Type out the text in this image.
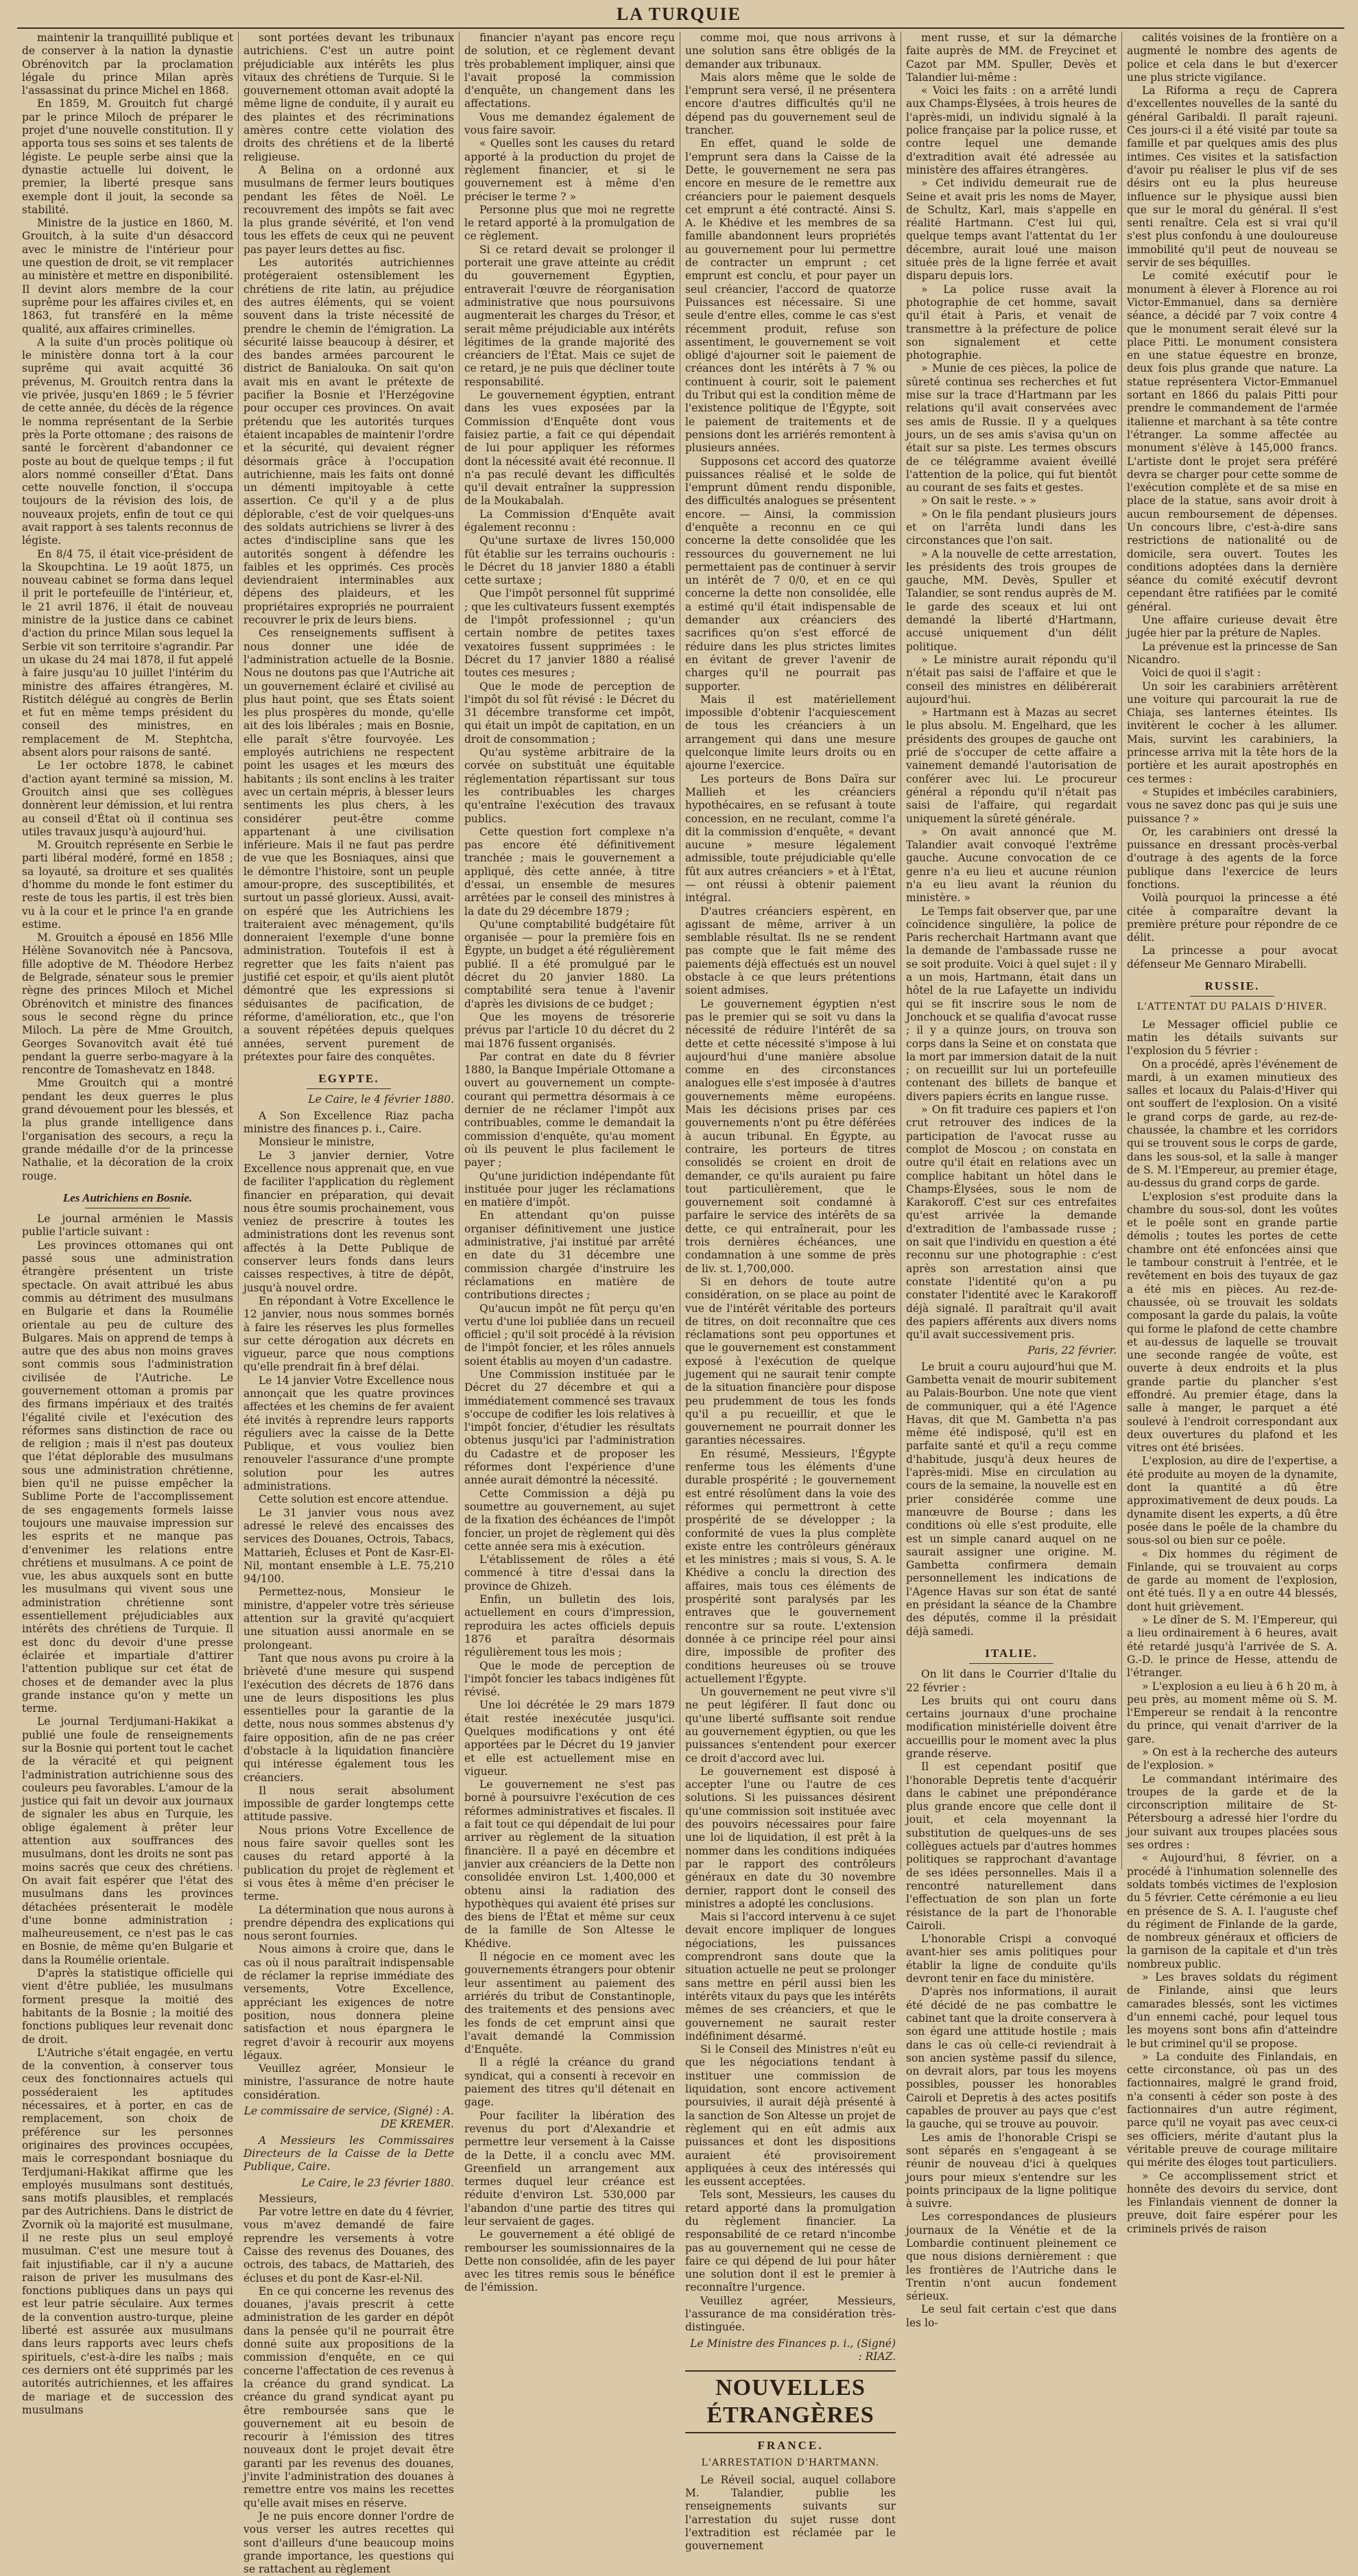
LA TURQUIE

maintenir la tranquillité publique et de conserver à la nation la dynastie Obrénovitch par la proclamation légale du prince Milan après l'assassinat du prince Michel en 1868.

En 1859, M. Grouitch fut chargé par le prince Miloch de préparer le projet d'une nouvelle constitution. Il y apporta tous ses soins et ses talents de légiste. Le peuple serbe ainsi que la dynastie actuelle lui doivent, le premier, la liberté presque sans exemple dont il jouit, la seconde sa stabilité.

Ministre de la justice en 1860, M. Grouitch, à la suite d'un désaccord avec le ministre de l'intérieur pour une question de droit, se vit remplacer au ministère et mettre en disponibilité. Il devint alors membre de la cour suprême pour les affaires civiles et, en 1863, fut transféré en la même qualité, aux affaires criminelles.

A la suite d'un procès politique où le ministère donna tort à la cour suprême qui avait acquitté 36 prévenus, M. Grouitch rentra dans la vie privée, jusqu'en 1869 ; le 5 février de cette année, du décès de la régence le nomma représentant de la Serbie près la Porte ottomane ; des raisons de santé le forcèrent d'abandonner ce poste au bout de quelque temps ; il fut alors nommé conseiller d'État. Dans cette nouvelle fonction, il s'occupa toujours de la révision des lois, de nouveaux projets, enfin de tout ce qui avait rapport à ses talents reconnus de légiste.

En 8/4 75, il était vice-président de la Skoupchtina. Le 19 août 1875, un nouveau cabinet se forma dans lequel il prit le portefeuille de l'intérieur, et, le 21 avril 1876, il était de nouveau ministre de la justice dans ce cabinet d'action du prince Milan sous lequel la Serbie vit son territoire s'agrandir. Par un ukase du 24 mai 1878, il fut appelé à faire jusqu'au 10 juillet l'intérim du ministre des affaires étrangères, M. Ristitch délégué au congrès de Berlin et fut en même temps président du conseil des ministres, en remplacement de M. Stephtcha, absent alors pour raisons de santé.

Le 1er octobre 1878, le cabinet d'action ayant terminé sa mission, M. Grouitch ainsi que ses collègues donnèrent leur démission, et lui rentra au conseil d'État où il continua ses utiles travaux jusqu'à aujourd'hui.

M. Grouitch représente en Serbie le parti libéral modéré, formé en 1858 ; sa loyauté, sa droiture et ses qualités d'homme du monde le font estimer du reste de tous les partis, il est très bien vu à la cour et le prince l'a en grande estime.

M. Grouitch a épousé en 1856 Mlle Hélène Sovanovitch née à Pancsova, fille adoptive de M. Théodore Herbez de Belgrade, sénateur sous le premier règne des princes Miloch et Michel Obrénovitch et ministre des finances sous le second règne du prince Miloch. La père de Mme Grouitch, Georges Sovanovitch avait été tué pendant la guerre serbo-magyare à la rencontre de Tomashevatz en 1848.

Mme Grouitch qui a montré pendant les deux guerres le plus grand dévouement pour les blessés, et la plus grande intelligence dans l'organisation des secours, a reçu la grande médaille d'or de la princesse Nathalie, et la décoration de la croix rouge.

Les Autrichiens en Bosnie.

Le journal arménien le Massis publie l'article suivant :

Les provinces ottomanes qui ont passé sous une administration étrangère présentent un triste spectacle. On avait attribué les abus commis au détriment des musulmans en Bulgarie et dans la Roumélie orientale au peu de culture des Bulgares. Mais on apprend de temps à autre que des abus non moins graves sont commis sous l'administration civilisée de l'Autriche. Le gouvernement ottoman a promis par des firmans impériaux et des traités l'égalité civile et l'exécution des réformes sans distinction de race ou de religion ; mais il n'est pas douteux que l'état déplorable des musulmans sous une administration chrétienne, bien qu'il ne puisse empêcher la Sublime Porte de l'accomplissement de ses engagements formels laisse toujours une mauvaise impression sur les esprits et ne manque pas d'envenimer les relations entre chrétiens et musulmans. A ce point de vue, les abus auxquels sont en butte les musulmans qui vivent sous une administration chrétienne sont essentiellement préjudiciables aux intérêts des chrétiens de Turquie. Il est donc du devoir d'une presse éclairée et impartiale d'attirer l'attention publique sur cet état de choses et de demander avec la plus grande instance qu'on y mette un terme.

Le journal Terdjumani-Hakikat a publié une foule de renseignements sur la Bosnie qui portent tout le cachet de la véracité et qui peignent l'administration autrichienne sous des couleurs peu favorables. L'amour de la justice qui fait un devoir aux journaux de signaler les abus en Turquie, les oblige également à prêter leur attention aux souffrances des musulmans, dont les droits ne sont pas moins sacrés que ceux des chrétiens. On avait fait espérer que l'état des musulmans dans les provinces détachées présenterait le modèle d'une bonne administration ; malheureusement, ce n'est pas le cas en Bosnie, de même qu'en Bulgarie et dans la Roumélie orientale.

D'après la statistique officielle qui vient d'être publiée, les musulmans forment presque la moitié des habitants de la Bosnie ; la moitié des fonctions publiques leur revenait donc de droit.

L'Autriche s'était engagée, en vertu de la convention, à conserver tous ceux des fonctionnaires actuels qui posséderaient les aptitudes nécessaires, et à porter, en cas de remplacement, son choix de préférence sur les personnes originaires des provinces occupées, mais le correspondant bosniaque du Terdjumani-Hakikat affirme que les employés musulmans sont destitués, sans motifs plausibles, et remplacés par des Autrichiens. Dans le district de Zvornik où la majorité est musulmane, il ne reste plus un seul employé musulman. C'est une mesure tout à fait injustifiable, car il n'y a aucune raison de priver les musulmans des fonctions publiques dans un pays qui est leur patrie séculaire. Aux termes de la convention austro-turque, pleine liberté est assurée aux musulmans dans leurs rapports avec leurs chefs spirituels, c'est-à-dire les naïbs ; mais ces derniers ont été supprimés par les autorités autrichiennes, et les affaires de mariage et de succession des musulmans

sont portées devant les tribunaux autrichiens. C'est un autre point préjudiciable aux intérêts les plus vitaux des chrétiens de Turquie. Si le gouvernement ottoman avait adopté la même ligne de conduite, il y aurait eu des plaintes et des récriminations amères contre cette violation des droits des chrétiens et de la liberté religieuse.

A Belina on a ordonné aux musulmans de fermer leurs boutiques pendant les fêtes de Noël. Le recouvrement des impôts se fait avec la plus grande sévérité, et l'on vend tous les effets de ceux qui ne peuvent pas payer leurs dettes au fisc.

Les autorités autrichiennes protégeraient ostensiblement les chrétiens de rite latin, au préjudice des autres éléments, qui se voient souvent dans la triste nécessité de prendre le chemin de l'émigration. La sécurité laisse beaucoup à désirer, et des bandes armées parcourent le district de Banialouka. On sait qu'on avait mis en avant le prétexte de pacifier la Bosnie et l'Herzégovine pour occuper ces provinces. On avait prétendu que les autorités turques étaient incapables de maintenir l'ordre et la sécurité, qui devaient régner désormais grâce à l'occupation autrichienne, mais les faits ont donné un démenti impitoyable à cette assertion. Ce qu'il y a de plus déplorable, c'est de voir quelques-uns des soldats autrichiens se livrer à des actes d'indiscipline sans que les autorités songent à défendre les faibles et les opprimés. Ces procès deviendraient interminables aux dépens des plaideurs, et les propriétaires expropriés ne pourraient recouvrer le prix de leurs biens.

Ces renseignements suffisent à nous donner une idée de l'administration actuelle de la Bosnie. Nous ne doutons pas que l'Autriche ait un gouvernement éclairé et civilisé au plus haut point, que ses États soient les plus prospères du monde, qu'elle ait des lois libérales ; mais en Bosnie, elle paraît s'être fourvoyée. Les employés autrichiens ne respectent point les usages et les mœurs des habitants ; ils sont enclins à les traiter avec un certain mépris, à blesser leurs sentiments les plus chers, à les considérer peut-être comme appartenant à une civilisation inférieure. Mais il ne faut pas perdre de vue que les Bosniaques, ainsi que le démontre l'histoire, sont un peuple amour-propre, des susceptibilités, et surtout un passé glorieux. Aussi, avait-on espéré que les Autrichiens les traiteraient avec ménagement, qu'ils donneraient l'exemple d'une bonne administration. Toutefois il est à regretter que les faits n'aient pas justifié cet espoir, et qu'ils aient plutôt démontré que les expressions si séduisantes de pacification, de réforme, d'amélioration, etc., que l'on a souvent répétées depuis quelques années, servent purement de prétextes pour faire des conquêtes.

EGYPTE.
Le Caire, le 4 février 1880.

A Son Excellence Riaz pacha ministre des finances p. i., Caire.

Monsieur le ministre,

Le 3 janvier dernier, Votre Excellence nous apprenait que, en vue de faciliter l'application du règlement financier en préparation, qui devait nous être soumis prochainement, vous veniez de prescrire à toutes les administrations dont les revenus sont affectés à la Dette Publique de conserver leurs fonds dans leurs caisses respectives, à titre de dépôt, jusqu'à nouvel ordre.

En répondant à Votre Excellence le 12 janvier, nous nous sommes bornés à faire les réserves les plus formelles sur cette dérogation aux décrets en vigueur, parce que nous comptions qu'elle prendrait fin à bref délai.

Le 14 janvier Votre Excellence nous annonçait que les quatre provinces affectées et les chemins de fer avaient été invités à reprendre leurs rapports réguliers avec la caisse de la Dette Publique, et vous vouliez bien renouveler l'assurance d'une prompte solution pour les autres administrations.

Cette solution est encore attendue.

Le 31 janvier vous nous avez adressé le relevé des encaisses des services des Douanes, Octrois, Tabacs, Mattarieh, Écluses et Pont de Kasr-El-Nil, montant ensemble à L.E. 75,210 94/100.

Permettez-nous, Monsieur le ministre, d'appeler votre très sérieuse attention sur la gravité qu'acquiert une situation aussi anormale en se prolongeant.

Tant que nous avons pu croire à la brièveté d'une mesure qui suspend l'exécution des décrets de 1876 dans une de leurs dispositions les plus essentielles pour la garantie de la dette, nous nous sommes abstenus d'y faire opposition, afin de ne pas créer d'obstacle à la liquidation financière qui intéresse également tous les créanciers.

Il nous serait absolument impossible de garder longtemps cette attitude passive.

Nous prions Votre Excellence de nous faire savoir quelles sont les causes du retard apporté à la publication du projet de règlement et si vous êtes à même d'en préciser le terme.

La détermination que nous aurons à prendre dépendra des explications qui nous seront fournies.

Nous aimons à croire que, dans le cas où il nous paraîtrait indispensable de réclamer la reprise immédiate des versements, Votre Excellence, appréciant les exigences de notre position, nous donnera pleine satisfaction et nous épargnera le regret d'avoir à recourir aux moyens légaux.

Veuillez agréer, Monsieur le ministre, l'assurance de notre haute considération.

Le commissaire de service, (Signé) : A. DE KREMER.

A Messieurs les Commissaires Directeurs de la Caisse de la Dette Publique, Caire.

Le Caire, le 23 février 1880.

Messieurs,

Par votre lettre en date du 4 février, vous m'avez demandé de faire reprendre les versements à votre Caisse des revenus des Douanes, des octrois, des tabacs, de Mattarieh, des écluses et du pont de Kasr-el-Nil.

En ce qui concerne les revenus des douanes, j'avais prescrit à cette administration de les garder en dépôt dans la pensée qu'il ne pourrait être donné suite aux propositions de la commission d'enquête, en ce qui concerne l'affectation de ces revenus à la créance du grand syndicat. La créance du grand syndicat ayant pu être remboursée sans que le gouvernement ait eu besoin de recourir à l'émission des titres nouveaux dont le projet devait être garanti par les revenus des douanes, j'invite l'administration des douanes à remettre entre vos mains les recettes qu'elle avait mises en réserve.

Je ne puis encore donner l'ordre de vous verser les autres recettes qui sont d'ailleurs d'une beaucoup moins grande importance, les questions qui se rattachent au règlement

financier n'ayant pas encore reçu de solution, et ce règlement devant très probablement impliquer, ainsi que l'avait proposé la commission d'enquête, un changement dans les affectations.

Vous me demandez également de vous faire savoir.

« Quelles sont les causes du retard apporté à la production du projet de règlement financier, et si le gouvernement est à même d'en préciser le terme ? »

Personne plus que moi ne regrette le retard apporté à la promulgation de ce règlement.

Si ce retard devait se prolonger il porterait une grave atteinte au crédit du gouvernement Égyptien, entraverait l'œuvre de réorganisation administrative que nous poursuivons augmenterait les charges du Trésor, et serait même préjudiciable aux intérêts légitimes de la grande majorité des créanciers de l'État. Mais ce sujet de ce retard, je ne puis que décliner toute responsabilité.

Le gouvernement égyptien, entrant dans les vues exposées par la Commission d'Enquête dont vous faisiez partie, a fait ce qui dépendait de lui pour appliquer les réformes dont la nécessité avait été reconnue. Il n'a pas reculé devant les difficultés qu'il devait entraîner la suppression de la Moukabalah.

La Commission d'Enquête avait également reconnu :

Qu'une surtaxe de livres 150,000 fût établie sur les terrains ouchouris : le Décret du 18 janvier 1880 a établi cette surtaxe ;

Que l'impôt personnel fût supprimé ; que les cultivateurs fussent exemptés de l'impôt professionnel ; qu'un certain nombre de petites taxes vexatoires fussent supprimées : le Décret du 17 janvier 1880 a réalisé toutes ces mesures ;

Que le mode de perception de l'impôt du sol fût révisé : le Décret du 31 décembre transforme cet impôt, qui était un impôt de capitation, en un droit de consommation ;

Qu'au système arbitraire de la corvée on substituât une équitable réglementation répartissant sur tous les contribuables les charges qu'entraîne l'exécution des travaux publics.

Cette question fort complexe n'a pas encore été définitivement tranchée ; mais le gouvernement a appliqué, dès cette année, à titre d'essai, un ensemble de mesures arrêtées par le conseil des ministres à la date du 29 décembre 1879 ;

Qu'une comptabilité budgétaire fût organisée — pour la première fois en Égypte, un budget a été régulièrement publié. Il a été promulgué par le décret du 20 janvier 1880. La comptabilité sera tenue à l'avenir d'après les divisions de ce budget ;

Que les moyens de trésorerie prévus par l'article 10 du décret du 2 mai 1876 fussent organisés.

Par contrat en date du 8 février 1880, la Banque Impériale Ottomane a ouvert au gouvernement un compte-courant qui permettra désormais à ce dernier de ne réclamer l'impôt aux contribuables, comme le demandait la commission d'enquête, qu'au moment où ils peuvent le plus facilement le payer ;

Qu'une juridiction indépendante fût instituée pour juger les réclamations en matière d'impôt.

En attendant qu'on puisse organiser définitivement une justice administrative, j'ai institué par arrêté en date du 31 décembre une commission chargée d'instruire les réclamations en matière de contributions directes ;

Qu'aucun impôt ne fût perçu qu'en vertu d'une loi publiée dans un recueil officiel ; qu'il soit procédé à la révision de l'impôt foncier, et les rôles annuels soient établis au moyen d'un cadastre.

Une Commission instituée par le Décret du 27 décembre et qui a immédiatement commencé ses travaux s'occupe de codifier les lois relatives à l'impôt foncier, d'étudier les résultats obtenus jusqu'ici par l'administration du Cadastre et de proposer les réformes dont l'expérience d'une année aurait démontré la nécessité.

Cette Commission a déjà pu soumettre au gouvernement, au sujet de la fixation des échéances de l'impôt foncier, un projet de règlement qui dès cette année sera mis à exécution.

L'établissement de rôles a été commencé à titre d'essai dans la province de Ghizeh.

Enfin, un bulletin des lois, actuellement en cours d'impression, reproduira les actes officiels depuis 1876 et paraîtra désormais régulièrement tous les mois ;

Que le mode de perception de l'impôt foncier les tabacs indigènes fût révisé.

Une loi décrétée le 29 mars 1879 était restée inexécutée jusqu'ici. Quelques modifications y ont été apportées par le Décret du 19 janvier et elle est actuellement mise en vigueur.

Le gouvernement ne s'est pas borné à poursuivre l'exécution de ces réformes administratives et fiscales. Il a fait tout ce qui dépendait de lui pour arriver au règlement de la situation financière. Il a payé en décembre et janvier aux créanciers de la Dette non consolidée environ Lst. 1,400,000 et obtenu ainsi la radiation des hypothèques qui avaient été prises sur des biens de l'État et même sur ceux de la famille de Son Altesse le Khédive.

Il négocie en ce moment avec les gouvernements étrangers pour obtenir leur assentiment au paiement des arriérés du tribut de Constantinople, des traitements et des pensions avec les fonds de cet emprunt ainsi que l'avait demandé la Commission d'Enquête.

Il a réglé la créance du grand syndicat, qui a consenti à recevoir en paiement des titres qu'il détenait en gage.

Pour faciliter la libération des revenus du port d'Alexandrie et permettre leur versement à la Caisse de la Dette, il a conclu avec MM. Greenfield un arrangement aux termes duquel leur créance est réduite d'environ Lst. 530,000 par l'abandon d'une partie des titres qui leur servaient de gages.

Le gouvernement a été obligé de rembourser les soumissionnaires de la Dette non consolidée, afin de les payer avec les titres remis sous le bénéfice de l'émission.

comme moi, que nous arrivons à une solution sans être obligés de la demander aux tribunaux.

Mais alors même que le solde de l'emprunt sera versé, il ne présentera encore d'autres difficultés qu'il ne dépend pas du gouvernement seul de trancher.

En effet, quand le solde de l'emprunt sera dans la Caisse de la Dette, le gouvernement ne sera pas encore en mesure de le remettre aux créanciers pour le paiement desquels cet emprunt a été contracté. Ainsi S. A. le Khédive et les membres de sa famille abandonnent leurs propriétés au gouvernement pour lui permettre de contracter un emprunt ; cet emprunt est conclu, et pour payer un seul créancier, l'accord de quatorze Puissances est nécessaire. Si une seule d'entre elles, comme le cas s'est récemment produit, refuse son assentiment, le gouvernement se voit obligé d'ajourner soit le paiement de créances dont les intérêts à 7 % ou continuent à courir, soit le paiement du Tribut qui est la condition même de l'existence politique de l'Égypte, soit le paiement de traitements et de pensions dont les arriérés remontent à plusieurs années.

Supposons cet accord des quatorze puissances réalisé et le solde de l'emprunt dûment rendu disponible, des difficultés analogues se présentent encore. — Ainsi, la commission d'enquête a reconnu en ce qui concerne la dette consolidée que les ressources du gouvernement ne lui permettaient pas de continuer à servir un intérêt de 7 0/0, et en ce qui concerne la dette non consolidée, elle a estimé qu'il était indispensable de demander aux créanciers des sacrifices qu'on s'est efforcé de réduire dans les plus strictes limites en évitant de grever l'avenir de charges qu'il ne pourrait pas supporter.

Mais il est matériellement impossible d'obtenir l'acquiescement de tous les créanciers à un arrangement qui dans une mesure quelconque limite leurs droits ou en ajourne l'exercice.

Les porteurs de Bons Daïra sur Mallieh et les créanciers hypothécaires, en se refusant à toute concession, en ne reculant, comme l'a dit la commission d'enquête, « devant aucune » mesure légalement admissible, toute préjudiciable qu'elle fût aux autres créanciers » et à l'État, — ont réussi à obtenir paiement intégral.

D'autres créanciers espèrent, en agissant de même, arriver à un semblable résultat. Ils ne se rendent pas compte que le fait même des paiements déjà effectués est un nouvel obstacle à ce que leurs prétentions soient admises.

Le gouvernement égyptien n'est pas le premier qui se soit vu dans la nécessité de réduire l'intérêt de sa dette et cette nécessité s'impose à lui aujourd'hui d'une manière absolue comme en des circonstances analogues elle s'est imposée à d'autres gouvernements même européens. Mais les décisions prises par ces gouvernements n'ont pu être déférées à aucun tribunal. En Égypte, au contraire, les porteurs de titres consolidés se croient en droit de demander, ce qu'ils auraient pu faire tout particulièrement, que le gouvernement soit condamné à parfaire le service des intérêts de sa dette, ce qui entraînerait, pour les trois dernières échéances, une condamnation à une somme de près de liv. st. 1,700,000.

Si en dehors de toute autre considération, on se place au point de vue de l'intérêt véritable des porteurs de titres, on doit reconnaître que ces réclamations sont peu opportunes et que le gouvernement est constamment exposé à l'exécution de quelque jugement qui ne saurait tenir compte de la situation financière pour dispose peu prudemment de tous les fonds qu'il a pu recueillir, et que le gouvernement ne pourrait donner les garanties nécessaires.

En résumé, Messieurs, l'Égypte renferme tous les éléments d'une durable prospérité ; le gouvernement est entré résolûment dans la voie des réformes qui permettront à cette prospérité de se développer ; la conformité de vues la plus complète existe entre les contrôleurs généraux et les ministres ; mais si vous, S. A. le Khédive a conclu la direction des affaires, mais tous ces éléments de prospérité sont paralysés par les entraves que le gouvernement rencontre sur sa route. L'extension donnée à ce principe réel pour ainsi dire, impossible de profiter des conditions heureuses où se trouve actuellement l'Égypte.

Un gouvernement ne peut vivre s'il ne peut légiférer. Il faut donc ou qu'une liberté suffisante soit rendue au gouvernement égyptien, ou que les puissances s'entendent pour exercer ce droit d'accord avec lui.

Le gouvernement est disposé à accepter l'une ou l'autre de ces solutions. Si les puissances désirent qu'une commission soit instituée avec des pouvoirs nécessaires pour faire une loi de liquidation, il est prêt à la nommer dans les conditions indiquées par le rapport des contrôleurs généraux en date du 30 novembre dernier, rapport dont le conseil des ministres a adopté les conclusions.

Mais si l'accord intervenu à ce sujet devait encore impliquer de longues négociations, les puissances comprendront sans doute que la situation actuelle ne peut se prolonger sans mettre en péril aussi bien les intérêts vitaux du pays que les intérêts mêmes de ses créanciers, et que le gouvernement ne saurait rester indéfiniment désarmé.

Si le Conseil des Ministres n'eût eu que les négociations tendant à instituer une commission de liquidation, sont encore activement poursuivies, il aurait déjà présenté à la sanction de Son Altesse un projet de règlement qui en eût admis aux puissances et dont les dispositions auraient été provisoirement appliquées à ceux des intéressés qui les eussent acceptées.

Tels sont, Messieurs, les causes du retard apporté dans la promulgation du règlement financier. La responsabilité de ce retard n'incombe pas au gouvernement qui ne cesse de faire ce qui dépend de lui pour hâter une solution dont il est le premier à reconnaître l'urgence.

Veuillez agréer, Messieurs, l'assurance de ma considération très-distinguée.

Le Ministre des Finances p. i., (Signé) : RIAZ.
NOUVELLES ÉTRANGÈRES
FRANCE.
L'ARRESTATION D'HARTMANN.

Le Réveil social, auquel collabore M. Talandier, publie les renseignements suivants sur l'arrestation du sujet russe dont l'extradition est réclamée par le gouvernement

ment russe, et sur la démarche faite auprès de MM. de Freycinet et Cazot par MM. Spuller, Devès et Talandier lui-même :

« Voici les faits : on a arrêté lundi aux Champs-Élysées, à trois heures de l'après-midi, un individu signalé à la police française par la police russe, et contre lequel une demande d'extradition avait été adressée au ministère des affaires étrangères.

» Cet individu demeurait rue de Seine et avait pris les noms de Mayer, de Schultz, Karl, mais s'appelle en réalité Hartmann. C'est lui qui, quelque temps avant l'attentat du 1er décembre, aurait loué une maison située près de la ligne ferrée et avait disparu depuis lors.

» La police russe avait la photographie de cet homme, savait qu'il était à Paris, et venait de transmettre à la préfecture de police son signalement et cette photographie.

» Munie de ces pièces, la police de sûreté continua ses recherches et fut mise sur la trace d'Hartmann par les relations qu'il avait conservées avec ses amis de Russie. Il y a quelques jours, un de ses amis s'avisa qu'un on était sur sa piste. Les termes obscurs de ce télégramme avaient éveillé l'attention de la police, qui fut bientôt au courant de ses faits et gestes.

» On sait le reste. » »

» On le fila pendant plusieurs jours et on l'arrêta lundi dans les circonstances que l'on sait.

» A la nouvelle de cette arrestation, les présidents des trois groupes de gauche, MM. Devès, Spuller et Talandier, se sont rendus auprès de M. le garde des sceaux et lui ont demandé la liberté d'Hartmann, accusé uniquement d'un délit politique.

» Le ministre aurait répondu qu'il n'était pas saisi de l'affaire et que le conseil des ministres en délibérerait aujourd'hui.

» Hartmann est à Mazas au secret le plus absolu. M. Engelhard, que les présidents des groupes de gauche ont prié de s'occuper de cette affaire a vainement demandé l'autorisation de conférer avec lui. Le procureur général a répondu qu'il n'était pas saisi de l'affaire, qui regardait uniquement la sûreté générale.

» On avait annoncé que M. Talandier avait convoqué l'extrême gauche. Aucune convocation de ce genre n'a eu lieu et aucune réunion n'a eu lieu avant la réunion du ministère. »

Le Temps fait observer que, par une coïncidence singulière, la police de Paris recherchait Hartmann avant que la demande de l'ambassade russe ne se soit produite. Voici à quel sujet : il y a un mois, Hartmann, était dans un hôtel de la rue Lafayette un individu qui se fit inscrire sous le nom de Jonchouck et se qualifia d'avocat russe ; il y a quinze jours, on trouva son corps dans la Seine et on constata que la mort par immersion datait de la nuit ; on recueillit sur lui un portefeuille contenant des billets de banque et divers papiers écrits en langue russe.

» On fit traduire ces papiers et l'on crut retrouver des indices de la participation de l'avocat russe au complot de Moscou ; on constata en outre qu'il était en relations avec un complice habitant un hôtel dans le Champs-Élysées, sous le nom de Karakoroff. C'est sur ces entrefaites qu'est arrivée la demande d'extradition de l'ambassade russe ; on sait que l'individu en question a été reconnu sur une photographie : c'est après son arrestation ainsi que constate l'identité qu'on a pu constater l'identité avec le Karakoroff déjà signalé. Il paraîtrait qu'il avait des papiers afférents aux divers noms qu'il avait successivement pris.

Paris, 22 février.

Le bruit a couru aujourd'hui que M. Gambetta venait de mourir subitement au Palais-Bourbon. Une note que vient de communiquer, qui a été l'Agence Havas, dit que M. Gambetta n'a pas même été indisposé, qu'il est en parfaite santé et qu'il a reçu comme d'habitude, jusqu'à deux heures de l'après-midi. Mise en circulation au cours de la semaine, la nouvelle est en prier considérée comme une manœuvre de Bourse ; dans les conditions où elle s'est produite, elle est un simple canard auquel on ne saurait assigner une origine. M. Gambetta confirmera demain personnellement les indications de l'Agence Havas sur son état de santé en présidant la séance de la Chambre des députés, comme il la présidait déjà samedi.

ITALIE.

On lit dans le Courrier d'Italie du 22 février :

Les bruits qui ont couru dans certains journaux d'une prochaine modification ministérielle doivent être accueillis pour le moment avec la plus grande réserve.

Il est cependant positif que l'honorable Depretis tente d'acquérir dans le cabinet une prépondérance plus grande encore que celle dont il jouit, et cela moyennant la substitution de quelques-uns de ses collègues actuels par d'autres hommes politiques se rapprochant d'avantage de ses idées personnelles. Mais il a rencontré naturellement dans l'effectuation de son plan un forte résistance de la part de l'honorable Cairoli.

L'honorable Crispi a convoqué avant-hier ses amis politiques pour établir la ligne de conduite qu'ils devront tenir en face du ministère.

D'après nos informations, il aurait été décidé de ne pas combattre le cabinet tant que la droite conservera à son égard une attitude hostile ; mais dans le cas où celle-ci reviendrait à son ancien système passif du silence, on devrait alors, par tous les moyens possibles, pousser les honorables Cairoli et Depretis à des actes positifs capables de prouver au pays que c'est la gauche, qui se trouve au pouvoir.

Les amis de l'honorable Crispi se sont séparés en s'engageant à se réunir de nouveau d'ici à quelques jours pour mieux s'entendre sur les points principaux de la ligne politique à suivre.

Les correspondances de plusieurs journaux de la Vénétie et de la Lombardie continuent pleinement ce que nous disions dernièrement : que les frontières de l'Autriche dans le Trentin n'ont aucun fondement sérieux.

Le seul fait certain c'est que dans les lo-

calités voisines de la frontière on a augmenté le nombre des agents de police et cela dans le but d'exercer une plus stricte vigilance.

La Riforma a reçu de Caprera d'excellentes nouvelles de la santé du général Garibaldi. Il paraît rajeuni. Ces jours-ci il a été visité par toute sa famille et par quelques amis des plus intimes. Ces visites et la satisfaction d'avoir pu réaliser le plus vif de ses désirs ont eu la plus heureuse influence sur le physique aussi bien que sur le moral du général. Il s'est senti renaître. Cela est si vrai qu'il s'est plus confondu à une douloureuse immobilité qu'il peut de nouveau se servir de ses béquilles.

Le comité exécutif pour le monument à élever à Florence au roi Victor-Emmanuel, dans sa dernière séance, a décidé par 7 voix contre 4 que le monument serait élevé sur la place Pitti. Le monument consistera en une statue équestre en bronze, deux fois plus grande que nature. La statue représentera Victor-Emmanuel sortant en 1866 du palais Pitti pour prendre le commandement de l'armée italienne et marchant à sa tête contre l'étranger. La somme affectée au monument s'élève à 145,000 francs. L'artiste dont le projet sera préféré devra se charger pour cette somme de l'exécution complète et de sa mise en place de la statue, sans avoir droit à aucun remboursement de dépenses. Un concours libre, c'est-à-dire sans restrictions de nationalité ou de domicile, sera ouvert. Toutes les conditions adoptées dans la dernière séance du comité exécutif devront cependant être ratifiées par le comité général.

Une affaire curieuse devait être jugée hier par la préture de Naples.

La prévenue est la princesse de San Nicandro.

Voici de quoi il s'agit :

Un soir les carabiniers arrêtèrent une voiture qui parcourait la rue de Chiaja, ses lanternes éteintes. Ils invitèrent le cocher à les allumer. Mais, survint les carabiniers, la princesse arriva mit la tête hors de la portière et les aurait apostrophés en ces termes :

« Stupides et imbéciles carabiniers, vous ne savez donc pas qui je suis une puissance ? »

Or, les carabiniers ont dressé la puissance en dressant procès-verbal d'outrage à des agents de la force publique dans l'exercice de leurs fonctions.

Voilà pourquoi la princesse a été citée à comparaître devant la première préture pour répondre de ce délit.

La princesse a pour avocat défenseur Me Gennaro Mirabelli.

RUSSIE.
L'ATTENTAT DU PALAIS D'HIVER.

Le Messager officiel publie ce matin les détails suivants sur l'explosion du 5 février :

On a procédé, après l'événement de mardi, à un examen minutieux des salles et locaux du Palais-d'Hiver qui ont souffert de l'explosion. On a visité le grand corps de garde, au rez-de-chaussée, la chambre et les corridors qui se trouvent sous le corps de garde, dans les sous-sol, et la salle à manger de S. M. l'Empereur, au premier étage, au-dessus du grand corps de garde.

L'explosion s'est produite dans la chambre du sous-sol, dont les voûtes et le poêle sont en grande partie démolis ; toutes les portes de cette chambre ont été enfoncées ainsi que le tambour construit à l'entrée, et le revêtement en bois des tuyaux de gaz a été mis en pièces. Au rez-de-chaussée, où se trouvait les soldats composant la garde du palais, la voûte qui forme le plafond de cette chambre et au-dessus de laquelle se trouvait une seconde rangée de voûte, est ouverte à deux endroits et la plus grande partie du plancher s'est effondré. Au premier étage, dans la salle à manger, le parquet a été soulevé à l'endroit correspondant aux deux ouvertures du plafond et les vitres ont été brisées.

L'explosion, au dire de l'expertise, a été produite au moyen de la dynamite, dont la quantité a dû être approximativement de deux pouds. La dynamite disent les experts, a dû être posée dans le poêle de la chambre du sous-sol ou bien sur ce poêle.

« Dix hommes du régiment de Finlande, qui se trouvaient au corps de garde au moment de l'explosion, ont été tués. Il y a en outre 44 blessés, dont huit grièvement.

» Le dîner de S. M. l'Empereur, qui a lieu ordinairement à 6 heures, avait été retardé jusqu'à l'arrivée de S. A. G.-D. le prince de Hesse, attendu de l'étranger.

» L'explosion a eu lieu à 6 h 20 m, à peu près, au moment même où S. M. l'Empereur se rendait à la rencontre du prince, qui venait d'arriver de la gare.

» On est à la recherche des auteurs de l'explosion. »

Le commandant intérimaire des troupes de la garde et de la circonscription militaire de St-Pétersbourg a adressé hier l'ordre du jour suivant aux troupes placées sous ses ordres :

« Aujourd'hui, 8 février, on a procédé à l'inhumation solennelle des soldats tombés victimes de l'explosion du 5 février. Cette cérémonie a eu lieu en présence de S. A. I. l'auguste chef du régiment de Finlande de la garde, de nombreux généraux et officiers de la garnison de la capitale et d'un très nombreux public.

» Les braves soldats du régiment de Finlande, ainsi que leurs camarades blessés, sont les victimes d'un ennemi caché, pour lequel tous les moyens sont bons afin d'atteindre le but criminel qu'il se propose.

» La conduite des Finlandais, en cette circonstance, où pas un des factionnaires, malgré le grand froid, n'a consenti à céder son poste à des factionnaires d'un autre régiment, parce qu'il ne voyait pas avec ceux-ci ses officiers, mérite d'autant plus la véritable preuve de courage militaire qui mérite des éloges tout particuliers.

» Ce accomplissement strict et honnête des devoirs du service, dont les Finlandais viennent de donner la preuve, doit faire espérer pour les criminels privés de raison
